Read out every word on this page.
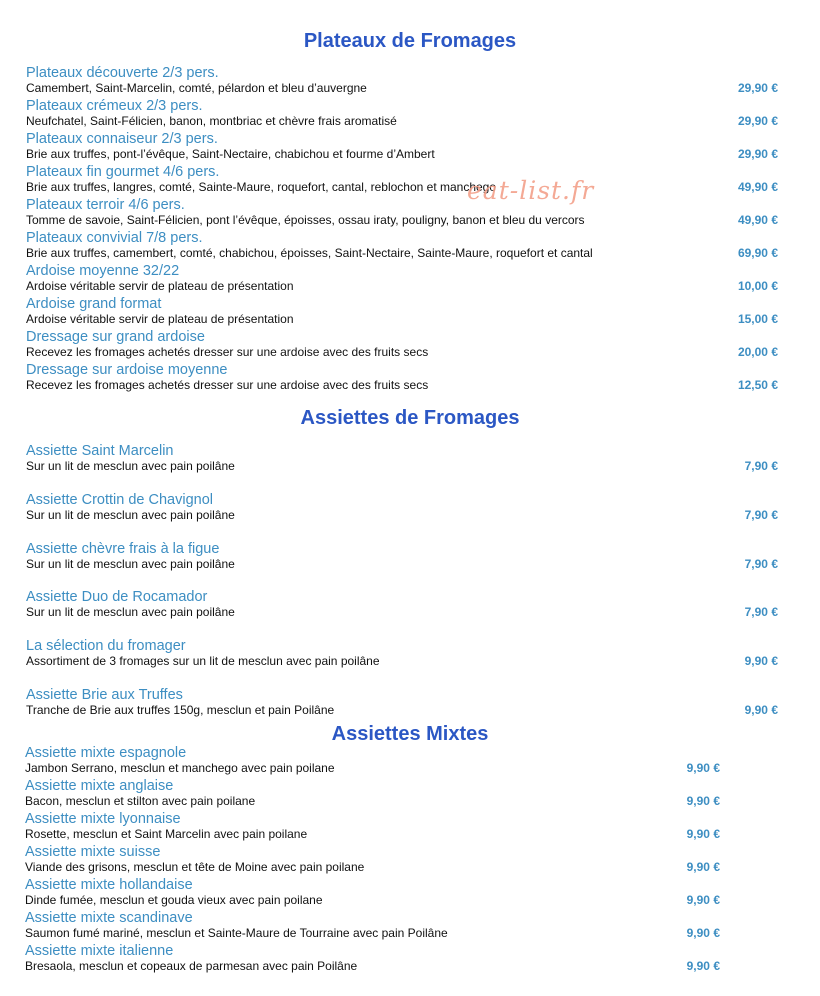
Plateaux de Fromages
Plateaux découverte 2/3 pers.
Camembert, Saint-Marcelin, comté, pélardon et bleu d’auvergne	29,90 €
Plateaux crémeux 2/3 pers.
Neufchatel, Saint-Félicien, banon, montbriac et chèvre frais aromatisé	29,90 €
Plateaux connaiseur 2/3 pers.
Brie aux truffes, pont-l’évêque, Saint-Nectaire, chabichou et fourme d’Ambert	29,90 €
Plateaux fin gourmet 4/6 pers.
Brie aux truffes, langres, comté, Sainte-Maure, roquefort, cantal, reblochon et manchego	49,90 €
Plateaux terroir 4/6 pers.
Tomme de savoie, Saint-Félicien, pont l’évêque, époisses, ossau iraty, pouligny, banon et bleu du vercors	49,90 €
Plateaux convivial 7/8 pers.
Brie aux truffes, camembert, comté, chabichou, époisses, Saint-Nectaire, Sainte-Maure, roquefort et cantal	69,90 €
Ardoise moyenne 32/22
Ardoise véritable servir de plateau de présentation	10,00 €
Ardoise grand format
Ardoise véritable servir de plateau de présentation	15,00 €
Dressage sur grand ardoise
Recevez les fromages achetés dresser sur une ardoise avec des fruits secs	20,00 €
Dressage sur ardoise moyenne
Recevez les fromages achetés dresser sur une ardoise avec des fruits secs	12,50 €
Assiettes de Fromages
Assiette Saint Marcelin
Sur un lit de mesclun avec pain poilâne	7,90 €
Assiette Crottin de Chavignol
Sur un lit de mesclun avec pain poilâne	7,90 €
Assiette chèvre frais à la figue
Sur un lit de mesclun avec pain poilâne	7,90 €
Assiette Duo de Rocamador
Sur un lit de mesclun avec pain poilâne	7,90 €
La sélection du fromager
Assortiment de 3 fromages sur un lit de mesclun avec pain poilâne	9,90 €
Assiette Brie aux Truffes
Tranche de Brie aux truffes 150g, mesclun et pain Poilâne	9,90 €
Assiettes Mixtes
Assiette mixte espagnole
Jambon Serrano, mesclun et manchego avec pain poilane	9,90 €
Assiette mixte anglaise
Bacon, mesclun et stilton avec pain poilane	9,90 €
Assiette mixte lyonnaise
Rosette, mesclun et Saint Marcelin avec pain poilane	9,90 €
Assiette mixte suisse
Viande des grisons, mesclun et tête de Moine avec pain poilane	9,90 €
Assiette mixte hollandaise
Dinde fumée, mesclun et gouda vieux avec pain poilane	9,90 €
Assiette mixte scandinave
Saumon fumé mariné, mesclun et Sainte-Maure de Tourraine avec pain Poilâne	9,90 €
Assiette mixte italienne
Bresaola, mesclun et copeaux de parmesan avec pain Poilâne	9,90 €
eat-list.fr
